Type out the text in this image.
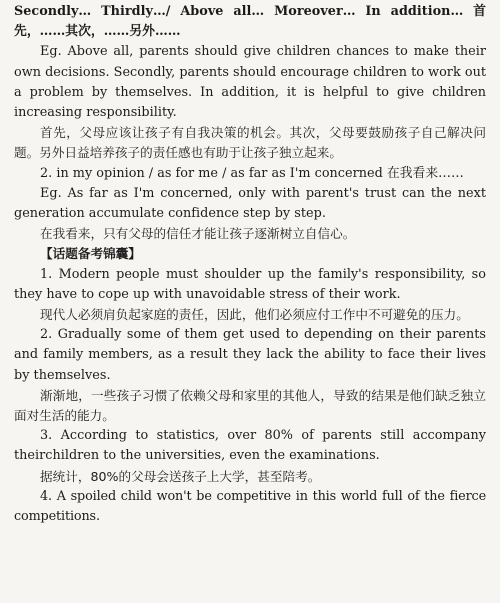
Secondly… Thirdly…/ Above all… Moreover… In addition… 首先，……其次，……另外……

Eg. Above all, parents should give children chances to make their own decisions. Secondly, parents should encourage children to work out a problem by themselves. In addition, it is helpful to give children increasing responsibility.

首先，父母应该让孩子有自我决策的机会。其次，父母要鼓励孩子自己解决问题。另外日益培养孩子的责任感也有助于让孩子独立起来。

2. in my opinion / as for me / as far as I'm concerned 在我看来……

Eg. As far as I'm concerned, only with parent's trust can the next generation accumulate confidence step by step.

在我看来，只有父母的信任才能让孩子逐渐树立自信心。

【话题备考锦囊】

1. Modern people must shoulder up the family's responsibility, so they have to cope up with unavoidable stress of their work.

现代人必须肩负起家庭的责任，因此，他们必须应付工作中不可避免的压力。

2. Gradually some of them get used to depending on their parents and family members, as a result they lack the ability to face their lives by themselves.

渐渐地，一些孩子习惯了依赖父母和家里的其他人，导致的结果是他们缺乏独立面对生活的能力。

3. According to statistics, over 80% of parents still accompany theirchildren to the universities, even the examinations.

据统计，80%的父母会送孩子上大学，甚至陪考。

4. A spoiled child won't be competitive in this world full of the fierce competitions.
